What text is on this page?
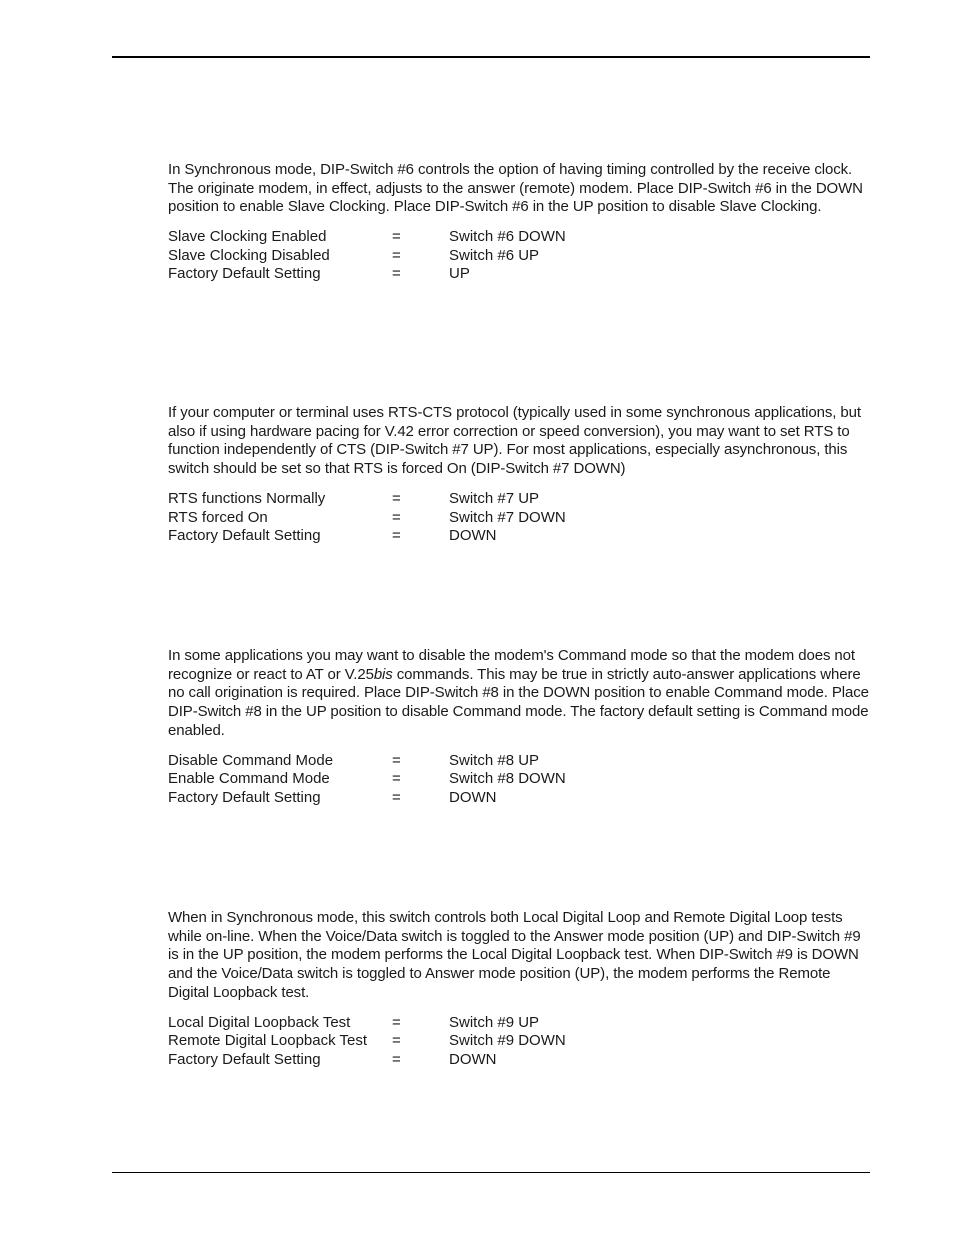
In Synchronous mode, DIP-Switch #6 controls the option of having timing controlled by the receive clock. The originate modem, in effect, adjusts to the answer (remote) modem. Place DIP-Switch #6 in the DOWN position to enable Slave Clocking. Place DIP-Switch #6 in the UP position to disable Slave Clocking.

Slave Clocking Enabled	=	Switch #6 DOWN
Slave Clocking Disabled	=	Switch #6 UP
Factory Default Setting	=	UP

If your computer or terminal uses RTS-CTS protocol (typically used in some synchronous applications, but also if using hardware pacing for V.42 error correction or speed conversion), you may want to set RTS to function independently of CTS (DIP-Switch #7 UP). For most applications, especially asynchronous, this switch should be set so that RTS is forced On (DIP-Switch #7 DOWN)

RTS functions Normally	=	Switch #7 UP
RTS forced On	=	Switch #7 DOWN
Factory Default Setting	=	DOWN

In some applications you may want to disable the modem's Command mode so that the modem does not recognize or react to AT or V.25bis commands. This may be true in strictly auto-answer applications where no call origination is required. Place DIP-Switch #8 in the DOWN position to enable Command mode. Place DIP-Switch #8 in the UP position to disable Command mode. The factory default setting is Command mode enabled.

Disable Command Mode	=	Switch #8 UP
Enable Command Mode	=	Switch #8 DOWN
Factory Default Setting	=	DOWN

When in Synchronous mode, this switch controls both Local Digital Loop and Remote Digital Loop tests while on-line. When the Voice/Data switch is toggled to the Answer mode position (UP) and DIP-Switch #9 is in the UP position, the modem performs the Local Digital Loopback test. When DIP-Switch #9 is DOWN and the Voice/Data switch is toggled to Answer mode position (UP), the modem performs the Remote Digital Loopback test.

Local Digital Loopback Test	=	Switch #9 UP
Remote Digital Loopback Test =	Switch #9 DOWN
Factory Default Setting	=	DOWN
